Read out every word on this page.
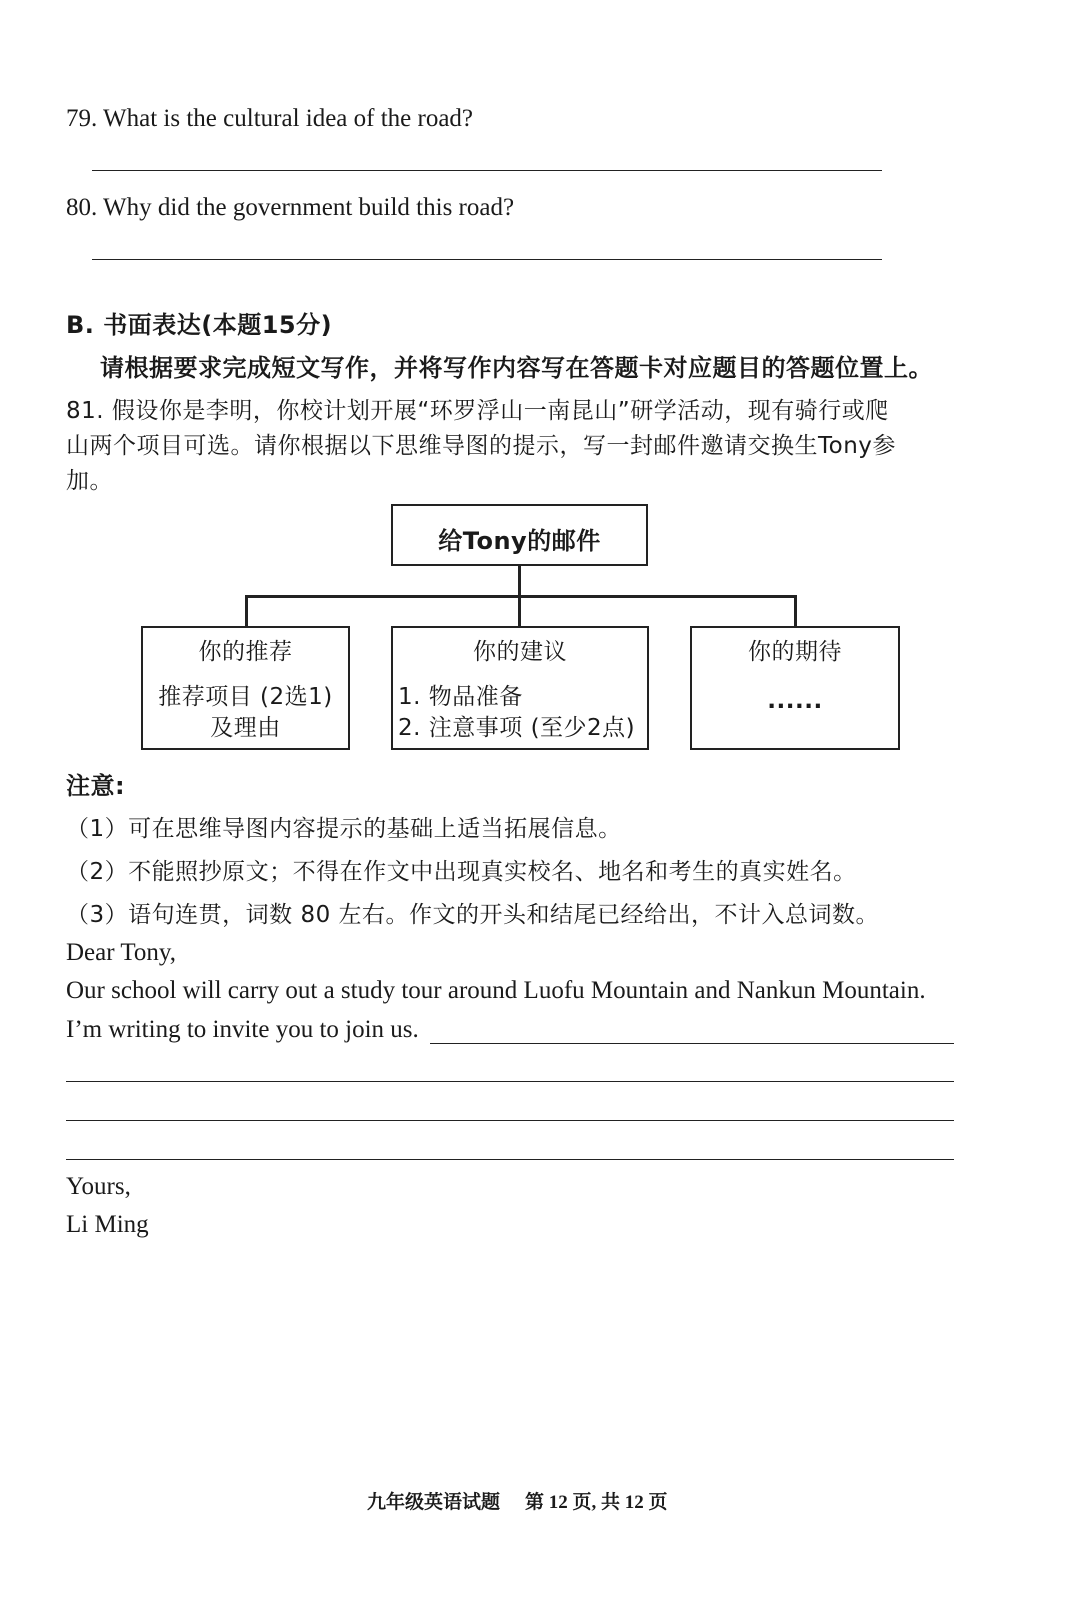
79. What is the cultural idea of the road?
80. Why did the government build this road?
B. 书面表达(本题15分)
请根据要求完成短文写作，并将写作内容写在答题卡对应题目的答题位置上。
81. 假设你是李明，你校计划开展“环罗浮山一南昆山”研学活动，现有骑行或爬
山两个项目可选。请你根据以下思维导图的提示，写一封邮件邀请交换生Tony参
加。
给Tony的邮件
你的推荐
推荐项目 (2选1)
及理由
你的建议
1. 物品准备
2. 注意事项 (至少2点)
你的期待
......
注意:
（1）可在思维导图内容提示的基础上适当拓展信息。
（2）不能照抄原文；不得在作文中出现真实校名、地名和考生的真实姓名。
（3）语句连贯，词数 80 左右。作文的开头和结尾已经给出，不计入总词数。
Dear Tony,
Our school will carry out a study tour around Luofu Mountain and Nankun Mountain.
I’m writing to invite you to join us.
Yours,
Li Ming
九年级英语试题 第 12 页, 共 12 页
